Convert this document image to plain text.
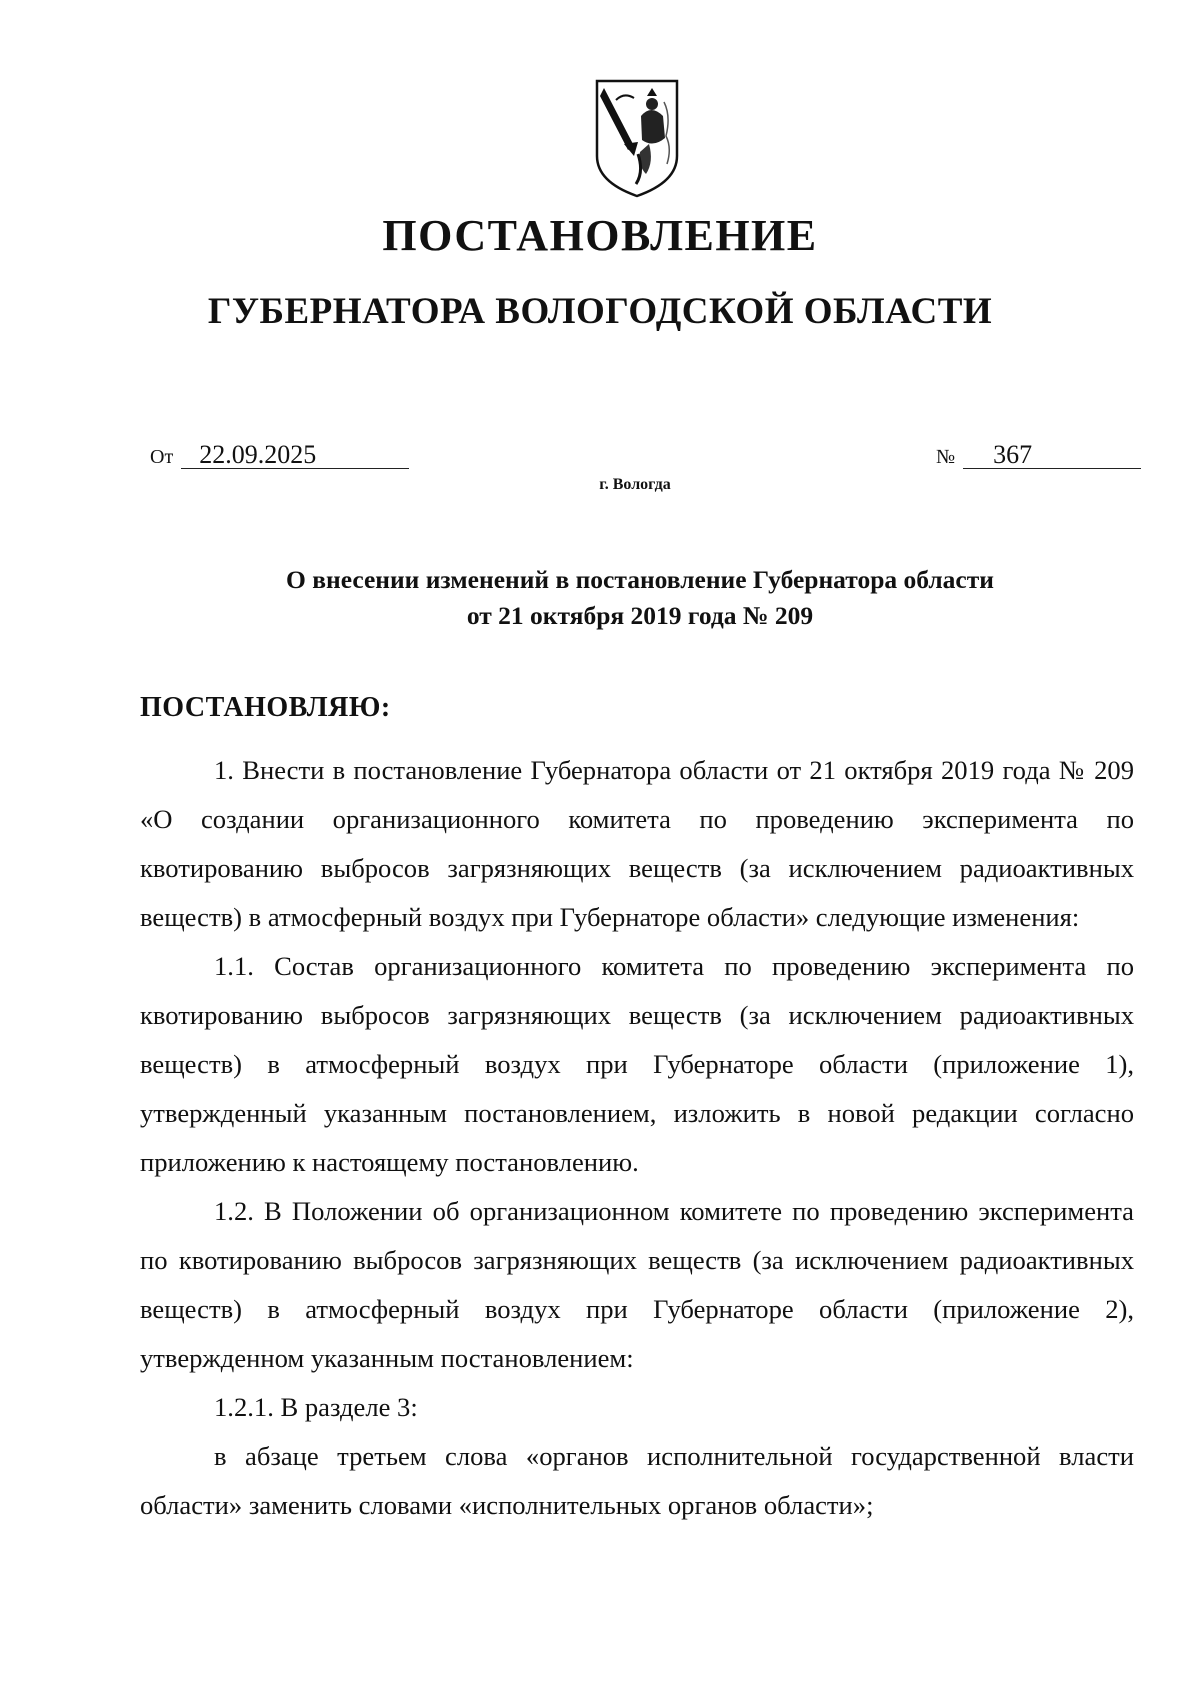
ПОСТАНОВЛЕНИЕ
ГУБЕРНАТОРА ВОЛОГОДСКОЙ ОБЛАСТИ
От 22.09.2025	№ 367
г. Вологда
О внесении изменений в постановление Губернатора области
от 21 октября 2019 года № 209
ПОСТАНОВЛЯЮ:

1. Внести в постановление Губернатора области от 21 октября 2019 года № 209 «О создании организационного комитета по проведению эксперимента по квотированию выбросов загрязняющих веществ (за исключением радиоактивных веществ) в атмосферный воздух при Губернаторе области» следующие изменения:

1.1. Состав организационного комитета по проведению эксперимента по квотированию выбросов загрязняющих веществ (за исключением радиоактивных веществ) в атмосферный воздух при Губернаторе области (приложение 1), утвержденный указанным постановлением, изложить в новой редакции согласно приложению к настоящему постановлению.

1.2. В Положении об организационном комитете по проведению эксперимента по квотированию выбросов загрязняющих веществ (за исключением радиоактивных веществ) в атмосферный воздух при Губернаторе области (приложение 2), утвержденном указанным постановлением:

1.2.1. В разделе 3:

в абзаце третьем слова «органов исполнительной государственной власти области» заменить словами «исполнительных органов области»;
